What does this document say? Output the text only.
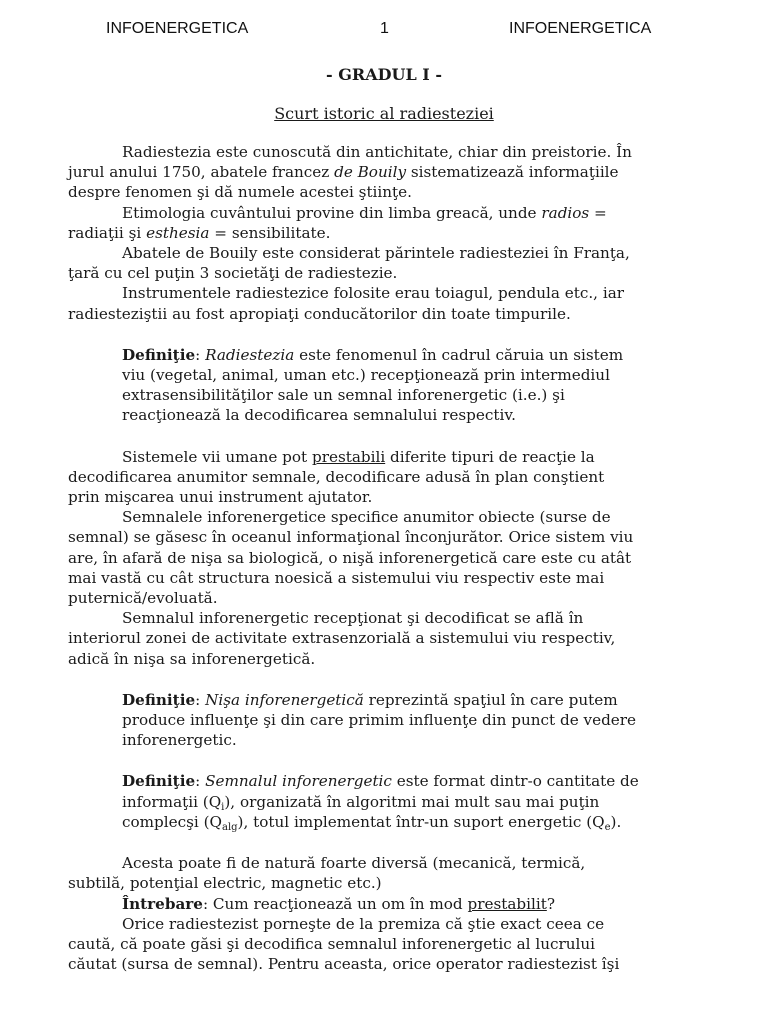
INFOENERGETICA	1	INFOENERGETICA
- GRADUL I -
Scurt istoric al radiesteziei

Radiestezia este cunoscută din antichitate, chiar din preistorie. În

jurul anului 1750, abatele francez de Bouily sistematizează informaţiile

despre fenomen şi dă numele acestei ştiinţe.

Etimologia cuvântului provine din limba greacă, unde radios =

radiaţii şi esthesia = sensibilitate.

Abatele de Bouily este considerat părintele radiesteziei în Franţa,

ţară cu cel puţin 3 societăţi de radiestezie.

Instrumentele radiestezice folosite erau toiagul, pendula etc., iar

radiesteziştii au fost apropiaţi conducătorilor din toate timpurile.

Definiţie: Radiestezia este fenomenul în cadrul căruia un sistem

viu (vegetal, animal, uman etc.) recepţionează prin intermediul

extrasensibilităţilor sale un semnal inforenergetic (i.e.) şi

reacţionează la decodificarea semnalului respectiv.

Sistemele vii umane pot prestabili diferite tipuri de reacţie la

decodificarea anumitor semnale, decodificare adusă în plan conştient

prin mişcarea unui instrument ajutator.

Semnalele inforenergetice specifice anumitor obiecte (surse de

semnal) se găsesc în oceanul informaţional înconjurător. Orice sistem viu

are, în afară de nişa sa biologică, o nişă inforenergetică care este cu atât

mai vastă cu cât structura noesică a sistemului viu respectiv este mai

puternică/evoluată.

Semnalul inforenergetic recepţionat şi decodificat se află în

interiorul zonei de activitate extrasenzorială a sistemului viu respectiv,

adică în nişa sa inforenergetică.

Definiţie: Nişa inforenergetică reprezintă spaţiul în care putem

produce influenţe şi din care primim influenţe din punct de vedere

inforenergetic.

Definiţie: Semnalul inforenergetic este format dintr-o cantitate de

informaţii $(Q_i)$, organizată în algoritmi mai mult sau mai puţin

complecşi $(Q_{alg})$, totul implementat într-un suport energetic $(Q_e)$.

Acesta poate fi de natură foarte diversă (mecanică, termică,

subtilă, potenţial electric, magnetic etc.)

Întrebare: Cum reacţionează un om în mod prestabilit?

Orice radiestezist porneşte de la premiza că ştie exact ceea ce

caută, că poate găsi şi decodifica semnalul inforenergetic al lucrului

căutat (sursa de semnal). Pentru aceasta, orice operator radiestezist îşi
